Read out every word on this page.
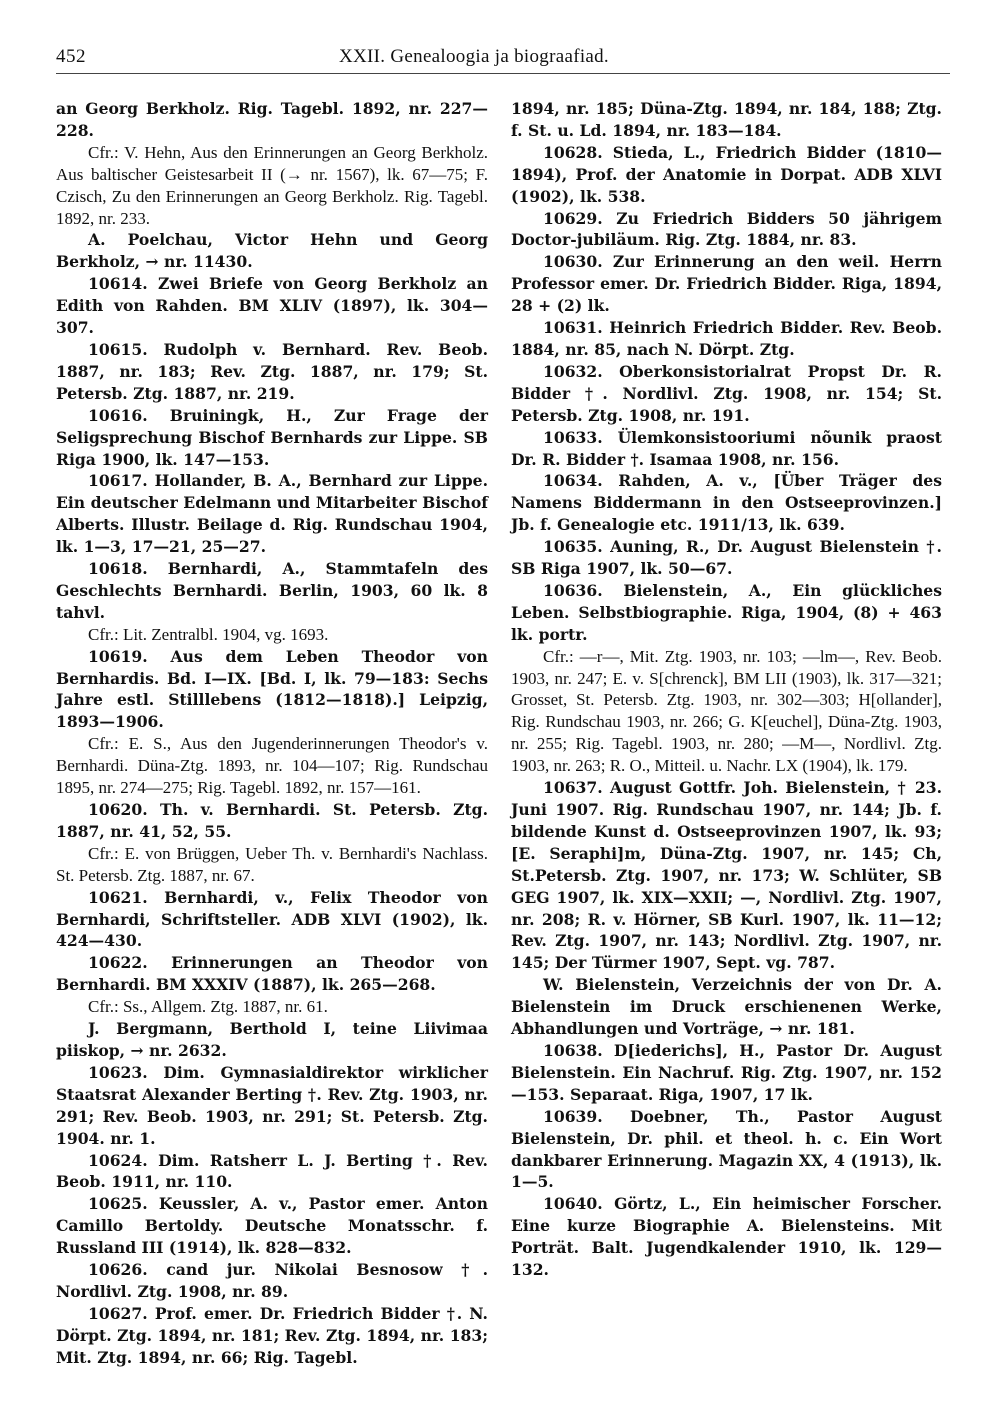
452	XXII. Genealoogia ja biograafiad.

an Georg Berkholz. Rig. Tagebl. 1892, nr. 227—228.

Cfr.: V. Hehn, Aus den Erinnerungen an Georg Berkholz. Aus baltischer Geistesarbeit II (→ nr. 1567), lk. 67—75; F. Czisch, Zu den Erinnerungen an Georg Berkholz. Rig. Tagebl. 1892, nr. 233.

A. Poelchau, Victor Hehn und Georg Berkholz, → nr. 11430.

10614. Zwei Briefe von Georg Berkholz an Edith von Rahden. BM XLIV (1897), lk. 304—307.

10615. Rudolph v. Bernhard. Rev. Beob. 1887, nr. 183; Rev. Ztg. 1887, nr. 179; St. Petersb. Ztg. 1887, nr. 219.

10616. Bruiningk, H., Zur Frage der Seligsprechung Bischof Bernhards zur Lippe. SB Riga 1900, lk. 147—153.

10617. Hollander, B. A., Bernhard zur Lippe. Ein deutscher Edelmann und Mitarbeiter Bischof Alberts. Illustr. Beilage d. Rig. Rundschau 1904, lk. 1—3, 17—21, 25—27.

10618. Bernhardi, A., Stammtafeln des Geschlechts Bernhardi. Berlin, 1903, 60 lk. 8 tahvl.

Cfr.: Lit. Zentralbl. 1904, vg. 1693.

10619. Aus dem Leben Theodor von Bernhardis. Bd. I—IX. [Bd. I, lk. 79—183: Sechs Jahre estl. Stilllebens (1812—1818).] Leipzig, 1893—1906.

Cfr.: E. S., Aus den Jugenderinnerungen Theodor's v. Bernhardi. Düna-Ztg. 1893, nr. 104—107; Rig. Rundschau 1895, nr. 274—275; Rig. Tagebl. 1892, nr. 157—161.

10620. Th. v. Bernhardi. St. Petersb. Ztg. 1887, nr. 41, 52, 55.

Cfr.: E. von Brüggen, Ueber Th. v. Bernhardi's Nachlass. St. Petersb. Ztg. 1887, nr. 67.

10621. Bernhardi, v., Felix Theodor von Bernhardi, Schriftsteller. ADB XLVI (1902), lk. 424—430.

10622. Erinnerungen an Theodor von Bernhardi. BM XXXIV (1887), lk. 265—268.

Cfr.: Ss., Allgem. Ztg. 1887, nr. 61.

J. Bergmann, Berthold I, teine Liivimaa piiskop, → nr. 2632.

10623. Dim. Gymnasialdirektor wirklicher Staatsrat Alexander Berting †. Rev. Ztg. 1903, nr. 291; Rev. Beob. 1903, nr. 291; St. Petersb. Ztg. 1904. nr. 1.

10624. Dim. Ratsherr L. J. Berting †. Rev. Beob. 1911, nr. 110.

10625. Keussler, A. v., Pastor emer. Anton Camillo Bertoldy. Deutsche Monatsschr. f. Russland III (1914), lk. 828—832.

10626. cand jur. Nikolai Besnosow †. Nordlivl. Ztg. 1908, nr. 89.

10627. Prof. emer. Dr. Friedrich Bidder †. N. Dörpt. Ztg. 1894, nr. 181; Rev. Ztg. 1894, nr. 183; Mit. Ztg. 1894, nr. 66; Rig. Tagebl.

1894, nr. 185; Düna-Ztg. 1894, nr. 184, 188; Ztg. f. St. u. Ld. 1894, nr. 183—184.

10628. Stieda, L., Friedrich Bidder (1810—1894), Prof. der Anatomie in Dorpat. ADB XLVI (1902), lk. 538.

10629. Zu Friedrich Bidders 50 jährigem Doctor-jubiläum. Rig. Ztg. 1884, nr. 83.

10630. Zur Erinnerung an den weil. Herrn Professor emer. Dr. Friedrich Bidder. Riga, 1894, 28 + (2) lk.

10631. Heinrich Friedrich Bidder. Rev. Beob. 1884, nr. 85, nach N. Dörpt. Ztg.

10632. Oberkonsistorialrat Propst Dr. R. Bidder †. Nordlivl. Ztg. 1908, nr. 154; St. Petersb. Ztg. 1908, nr. 191.

10633. Ülemkonsistooriumi nõunik praost Dr. R. Bidder †. Isamaa 1908, nr. 156.

10634. Rahden, A. v., [Über Träger des Namens Biddermann in den Ostseeprovinzen.] Jb. f. Genealogie etc. 1911/13, lk. 639.

10635. Auning, R., Dr. August Bielenstein †. SB Riga 1907, lk. 50—67.

10636. Bielenstein, A., Ein glückliches Leben. Selbstbiographie. Riga, 1904, (8) + 463 lk. portr.

Cfr.: —r—, Mit. Ztg. 1903, nr. 103; —lm—, Rev. Beob. 1903, nr. 247; E. v. S[chrenck], BM LII (1903), lk. 317—321; Grosset, St. Petersb. Ztg. 1903, nr. 302—303; H[ollander], Rig. Rundschau 1903, nr. 266; G. K[euchel], Düna-Ztg. 1903, nr. 255; Rig. Tagebl. 1903, nr. 280; —M—, Nordlivl. Ztg. 1903, nr. 263; R. O., Mitteil. u. Nachr. LX (1904), lk. 179.

10637. August Gottfr. Joh. Bielenstein, † 23. Juni 1907. Rig. Rundschau 1907, nr. 144; Jb. f. bildende Kunst d. Ostseeprovinzen 1907, lk. 93; [E. Seraphi]m, Düna-Ztg. 1907, nr. 145; Ch, St.Petersb. Ztg. 1907, nr. 173; W. Schlüter, SB GEG 1907, lk. XIX—XXII; —, Nordlivl. Ztg. 1907, nr. 208; R. v. Hörner, SB Kurl. 1907, lk. 11—12; Rev. Ztg. 1907, nr. 143; Nordlivl. Ztg. 1907, nr. 145; Der Türmer 1907, Sept. vg. 787.

W. Bielenstein, Verzeichnis der von Dr. A. Bielenstein im Druck erschienenen Werke, Abhandlungen und Vorträge, → nr. 181.

10638. D[iederichs], H., Pastor Dr. August Bielenstein. Ein Nachruf. Rig. Ztg. 1907, nr. 152—153. Separaat. Riga, 1907, 17 lk.

10639. Doebner, Th., Pastor August Bielenstein, Dr. phil. et theol. h. c. Ein Wort dankbarer Erinnerung. Magazin XX, 4 (1913), lk. 1—5.

10640. Görtz, L., Ein heimischer Forscher. Eine kurze Biographie A. Bielensteins. Mit Porträt. Balt. Jugendkalender 1910, lk. 129—132.
